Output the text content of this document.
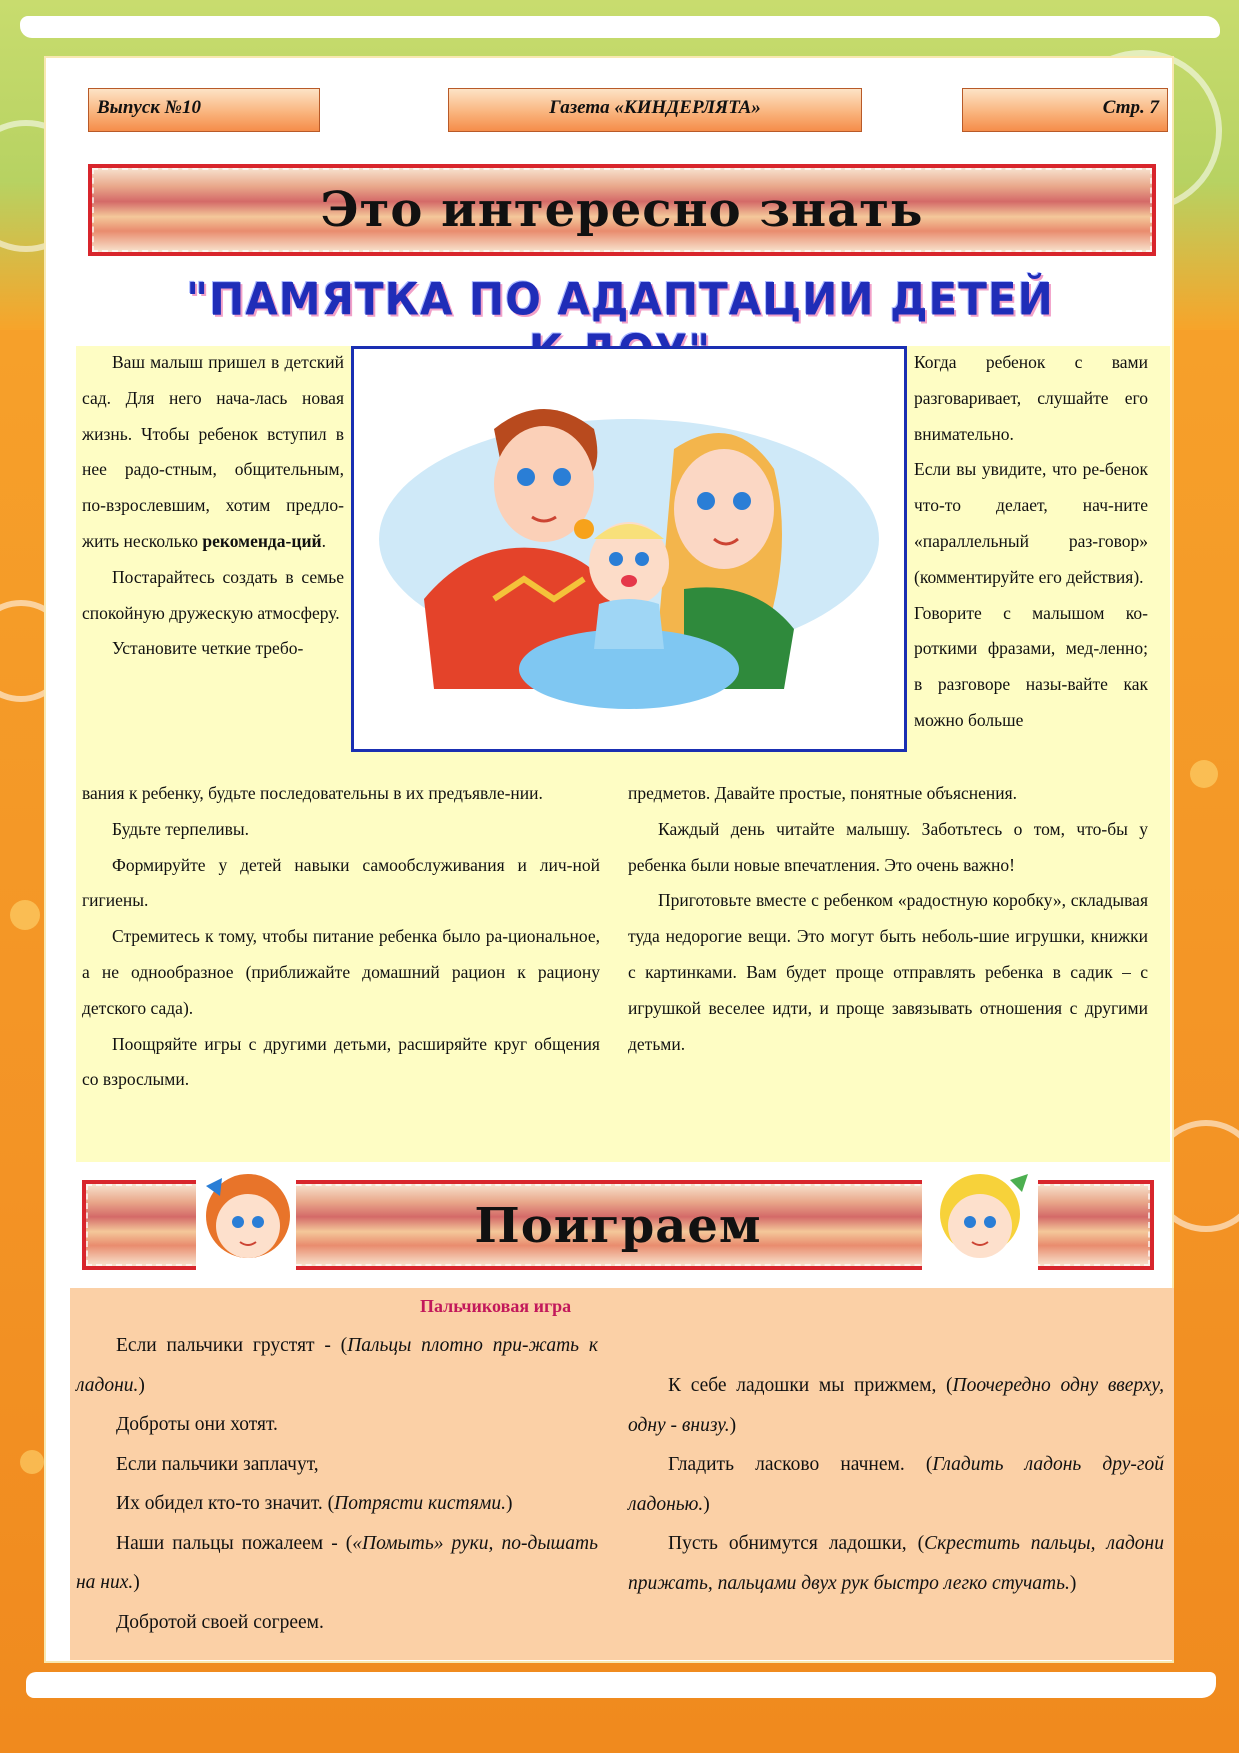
Выпуск №10	Газета «КИНДЕРЛЯТА»	Стр. 7
Это интересно знать
"ПАМЯТКА ПО АДАПТАЦИИ ДЕТЕЙ

Ваш малыш пришел в детский сад. Для него нача-лась новая жизнь. Чтобы ребенок вступил в нее радо-стным, общительным, по-взрослевшим, хотим предло-жить несколько рекоменда-ций.

Постарайтесь создать в семье спокойную дружескую атмосферу.

Установите четкие требо-

вания к ребенку, будьте последовательны в их предъявле-нии.

Будьте терпеливы.

Формируйте у детей навыки самообслуживания и лич-ной гигиены.

Стремитесь к тому, чтобы питание ребенка было ра-циональное, а не однообразное (приближайте домашний рацион к рациону детского сада).

Поощряйте игры с другими детьми, расширяйте круг общения со взрослыми.

Когда ребенок с вами разговаривает, слушайте его внимательно.

Если вы увидите, что ре-бенок что-то делает, нач-ните «параллельный раз-говор» (комментируйте его действия).

Говорите с малышом ко-роткими фразами, мед-ленно; в разговоре назы-вайте как можно больше

предметов. Давайте простые, понятные объяснения.

Каждый день читайте малышу. Заботьтесь о том, что-бы у ребенка были новые впечатления. Это очень важно!

Приготовьте вместе с ребенком «радостную коробку», складывая туда недорогие вещи. Это могут быть неболь-шие игрушки, книжки с картинками. Вам будет проще отправлять ребенка в садик – с игрушкой веселее идти, и проще завязывать отношения с другими детьми.

Поиграем
Пальчиковая игра

Если пальчики грустят - (Пальцы плотно при-жать к ладони.)

Доброты они хотят.

Если пальчики заплачут,

Их обидел кто-то значит. (Потрясти кистями.)

Наши пальцы пожалеем - («Помыть» руки, по-дышать на них.)

Добротой своей согреем.

К себе ладошки мы прижмем, (Поочередно одну вверху, одну - внизу.)

Гладить ласково начнем. (Гладить ладонь дру-гой ладонью.)

Пусть обнимутся ладошки, (Скрестить пальцы, ладони прижать, пальцами двух рук быстро легко стучать.)
